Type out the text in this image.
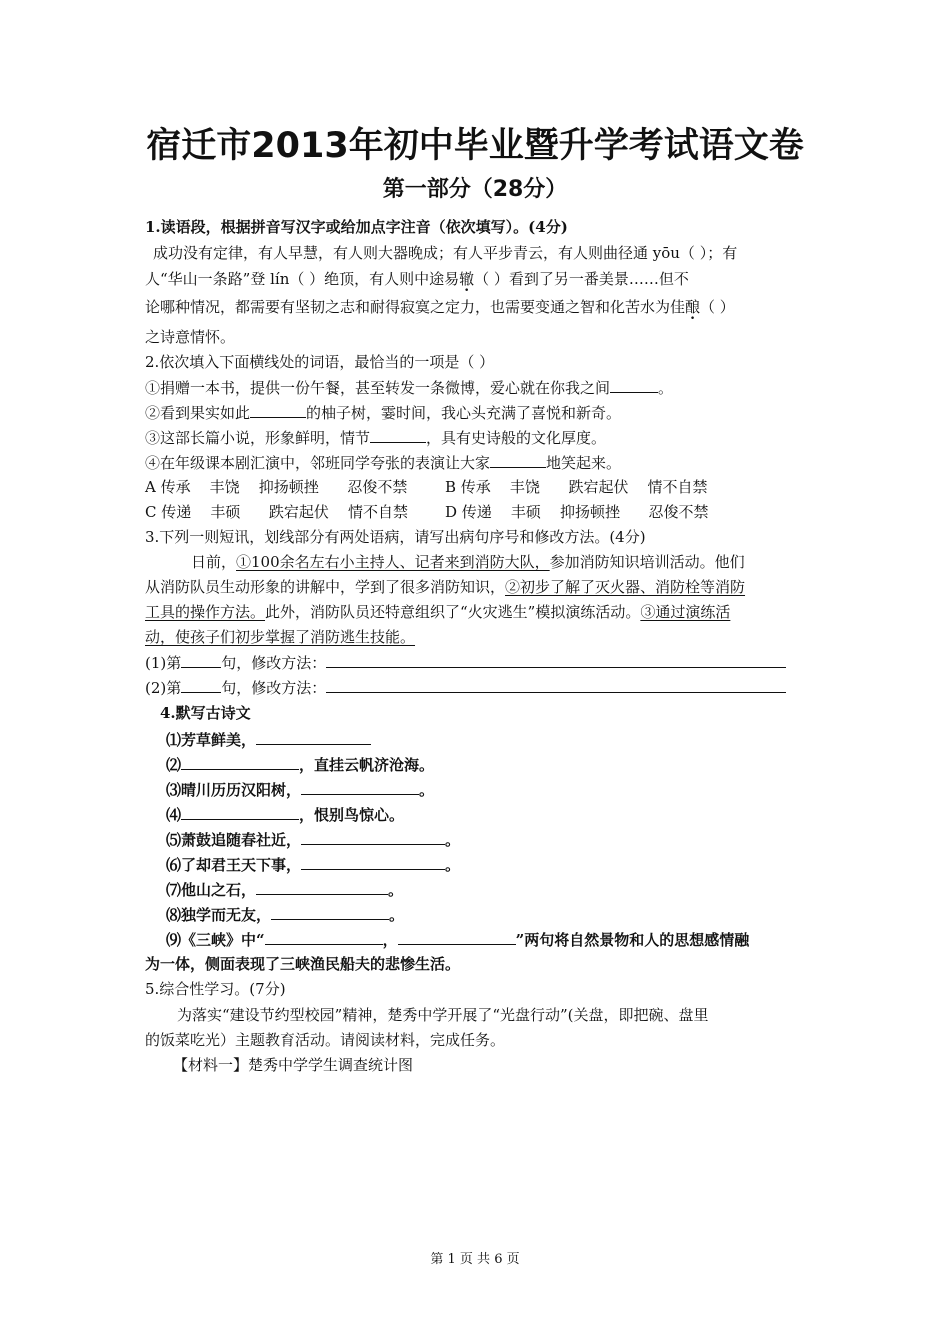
宿迁市2013年初中毕业暨升学考试语文卷
第一部分（28分）
1.读语段，根据拼音写汉字或给加点字注音（依次填写）。(4分)
成功没有定律，有人早慧，有人则大器晚成；有人平步青云，有人则曲径通 yōu（ ）；有
人“华山一条路”登 lín（ ）绝顶，有人则中途易辙（ ）看到了另一番美景……但不
论哪种情况，都需要有坚韧之志和耐得寂寞之定力，也需要变通之智和化苦水为佳酿（ ）
之诗意情怀。
2.依次填入下面横线处的词语，最恰当的一项是（ ）
①捐赠一本书，提供一份午餐，甚至转发一条微博，爱心就在你我之间	。
②看到果实如此	的柚子树，霎时间，我心头充满了喜悦和新奇。
③这部长篇小说，形象鲜明，情节	，具有史诗般的文化厚度。
④在年级课本剧汇演中，邻班同学夸张的表演让大家	地笑起来。
A 传承    丰饶    抑扬顿挫      忍俊不禁	B 传承    丰饶      跌宕起伏    情不自禁
C 传递    丰硕      跌宕起伏    情不自禁 D 传递    丰硕    抑扬顿挫      忍俊不禁
3.下列一则短讯，划线部分有两处语病，请写出病句序号和修改方法。(4分)
日前，①100余名左右小主持人、记者来到消防大队，参加消防知识培训活动。他们
从消防队员生动形象的讲解中，学到了很多消防知识，②初步了解了灭火器、消防栓等消防
工具的操作方法。此外，消防队员还特意组织了“火灾逃生”模拟演练活动。③通过演练活
动，使孩子们初步掌握了消防逃生技能。
(1)第	句，修改方法：
(2)第	句，修改方法：
4.默写古诗文
⑴芳草鲜美，
⑵	，直挂云帆济沧海。
⑶晴川历历汉阳树，	。
⑷	，恨别鸟惊心。
⑸萧鼓追随春社近，	。
⑹了却君王天下事，	。
⑺他山之石，	。
⑻独学而无友，	。
⑼《三峡》中“	，	”两句将自然景物和人的思想感情融
为一体，侧面表现了三峡渔民船夫的悲惨生活。
5.综合性学习。(7分)
为落实“建设节约型校园”精神，楚秀中学开展了“光盘行动”(关盘，即把碗、盘里
的饭菜吃光）主题教育活动。请阅读材料，完成任务。
【材料一】楚秀中学学生调查统计图
第 1 页 共 6 页
